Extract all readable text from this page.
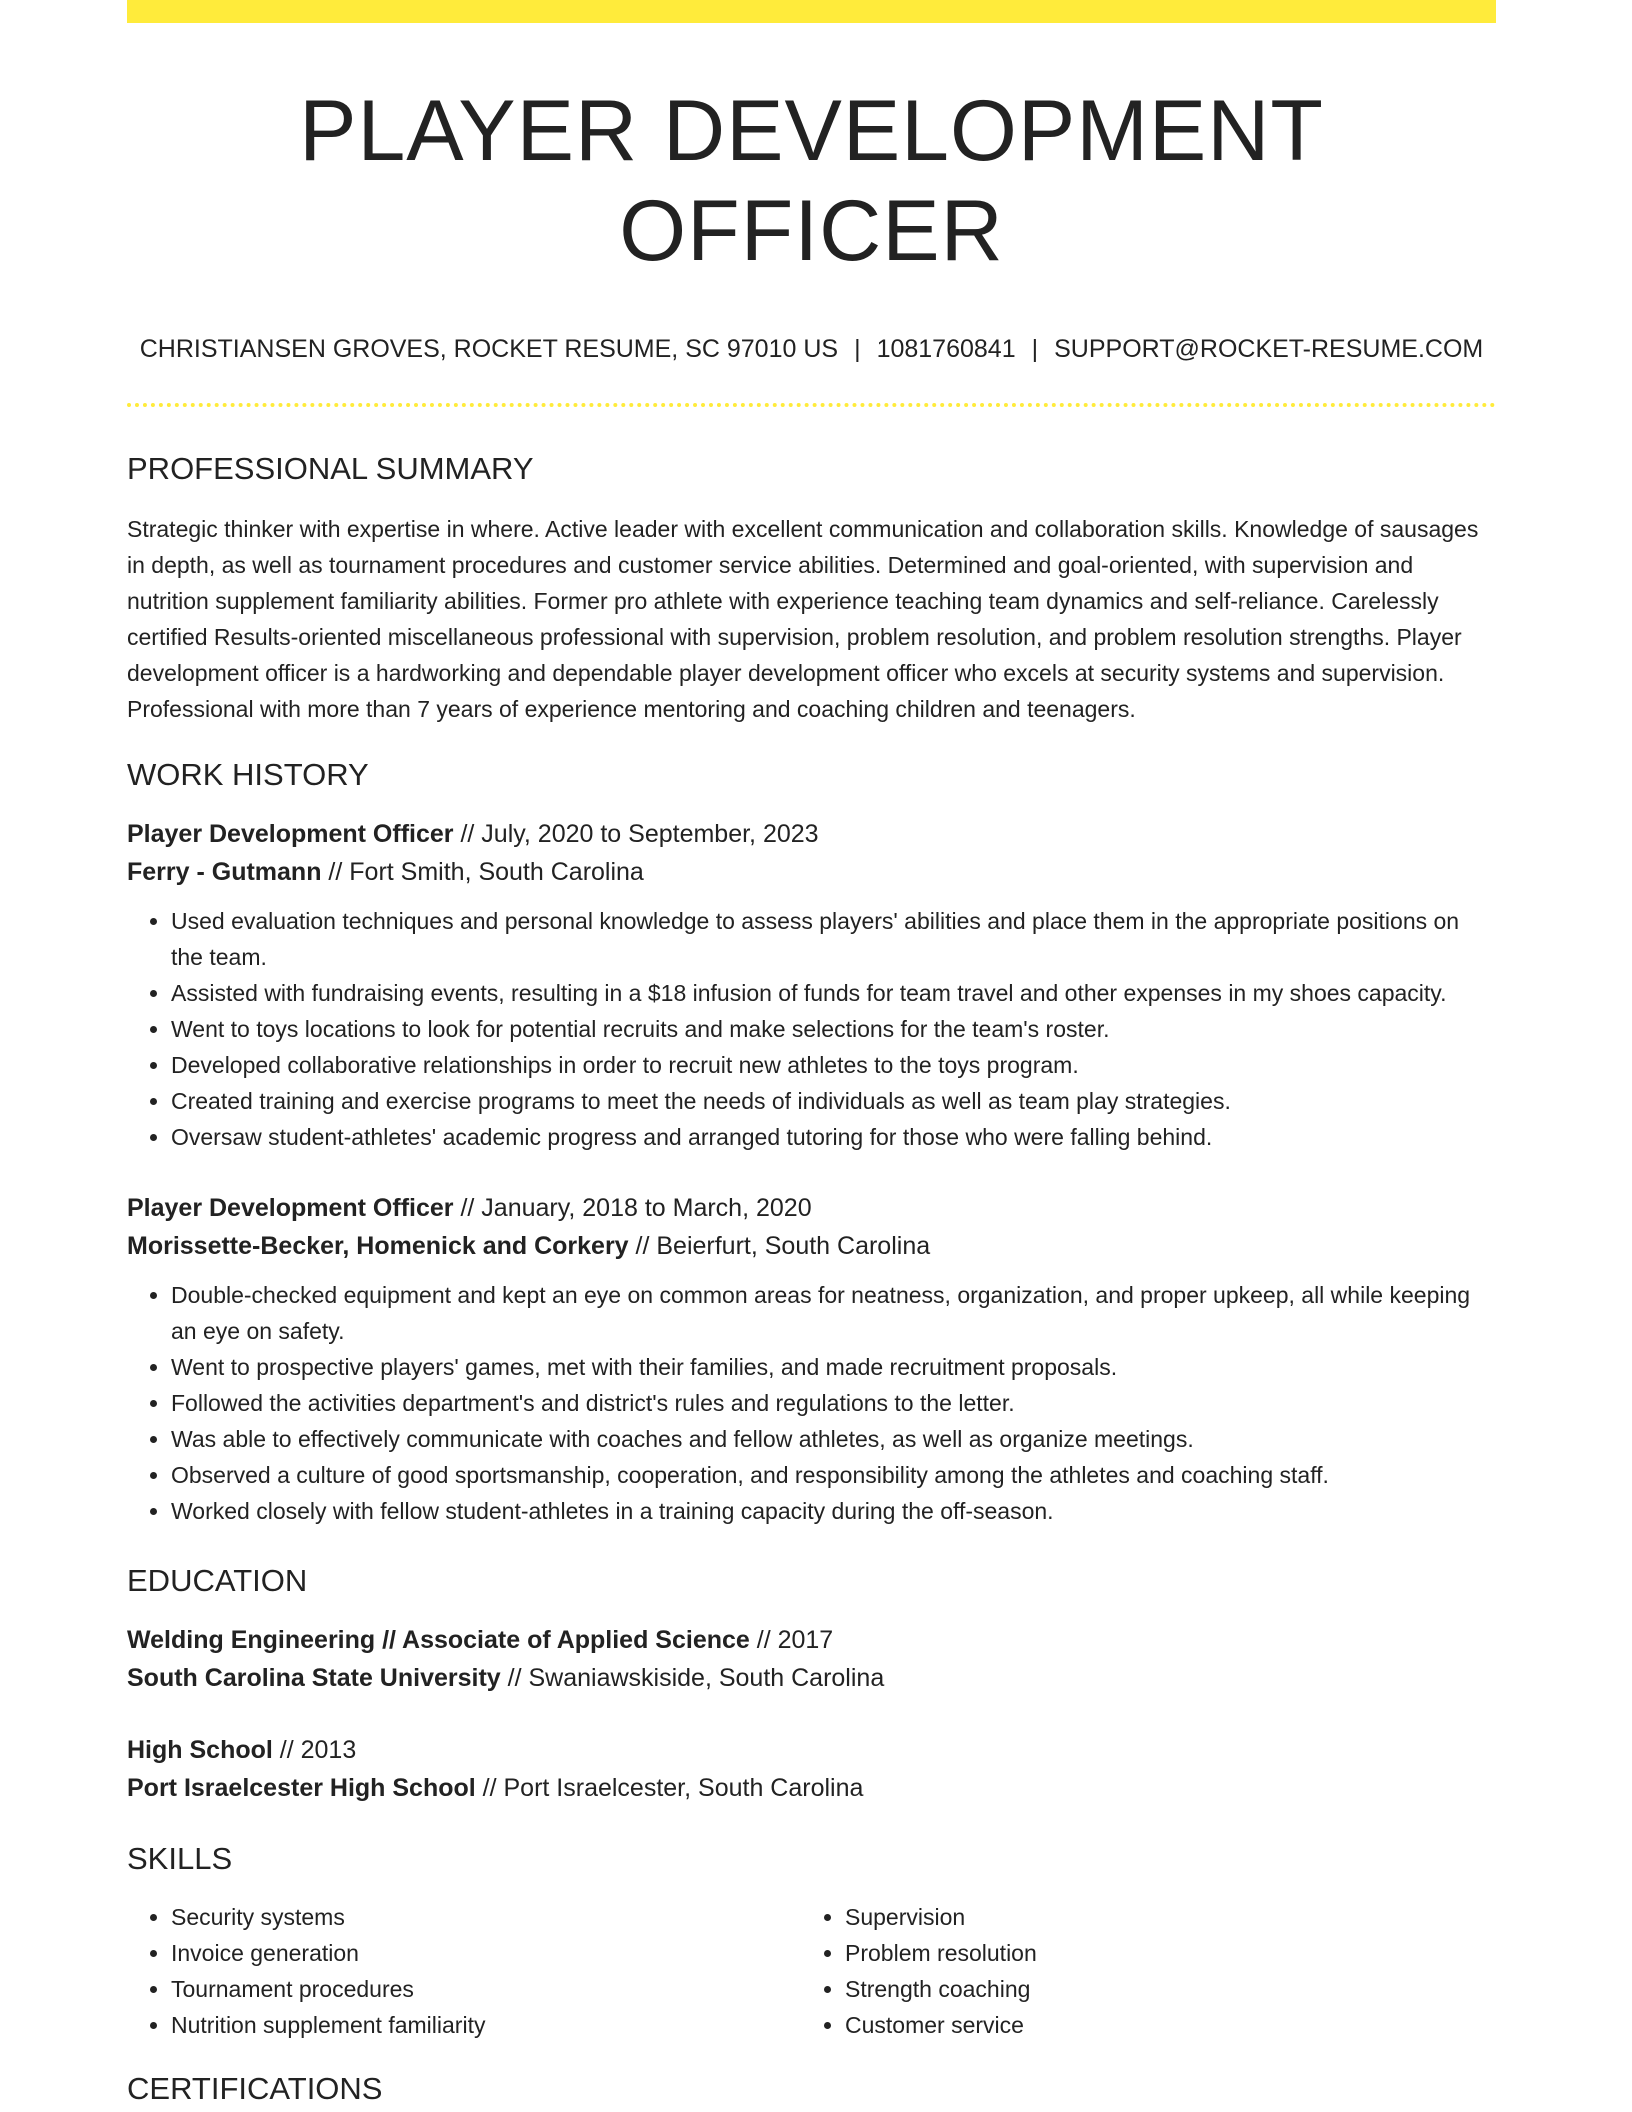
PLAYER DEVELOPMENT OFFICER
CHRISTIANSEN GROVES, ROCKET RESUME, SC 97010 US | 1081760841 | SUPPORT@ROCKET-RESUME.COM
PROFESSIONAL SUMMARY
Strategic thinker with expertise in where. Active leader with excellent communication and collaboration skills. Knowledge of sausages in depth, as well as tournament procedures and customer service abilities. Determined and goal-oriented, with supervision and nutrition supplement familiarity abilities. Former pro athlete with experience teaching team dynamics and self-reliance. Carelessly certified Results-oriented miscellaneous professional with supervision, problem resolution, and problem resolution strengths. Player development officer is a hardworking and dependable player development officer who excels at security systems and supervision. Professional with more than 7 years of experience mentoring and coaching children and teenagers.
WORK HISTORY
Player Development Officer // July, 2020 to September, 2023
Ferry - Gutmann // Fort Smith, South Carolina
• Used evaluation techniques and personal knowledge to assess players' abilities and place them in the appropriate positions on the team.
• Assisted with fundraising events, resulting in a $18 infusion of funds for team travel and other expenses in my shoes capacity.
• Went to toys locations to look for potential recruits and make selections for the team's roster.
• Developed collaborative relationships in order to recruit new athletes to the toys program.
• Created training and exercise programs to meet the needs of individuals as well as team play strategies.
• Oversaw student-athletes' academic progress and arranged tutoring for those who were falling behind.
Player Development Officer // January, 2018 to March, 2020
Morissette-Becker, Homenick and Corkery // Beierfurt, South Carolina
• Double-checked equipment and kept an eye on common areas for neatness, organization, and proper upkeep, all while keeping an eye on safety.
• Went to prospective players' games, met with their families, and made recruitment proposals.
• Followed the activities department's and district's rules and regulations to the letter.
• Was able to effectively communicate with coaches and fellow athletes, as well as organize meetings.
• Observed a culture of good sportsmanship, cooperation, and responsibility among the athletes and coaching staff.
• Worked closely with fellow student-athletes in a training capacity during the off-season.
EDUCATION
Welding Engineering // Associate of Applied Science // 2017
South Carolina State University // Swaniawskiside, South Carolina
High School // 2013
Port Israelcester High School // Port Israelcester, South Carolina
SKILLS
• Security systems
• Invoice generation
• Tournament procedures
• Nutrition supplement familiarity
• Supervision
• Problem resolution
• Strength coaching
• Customer service
CERTIFICATIONS
